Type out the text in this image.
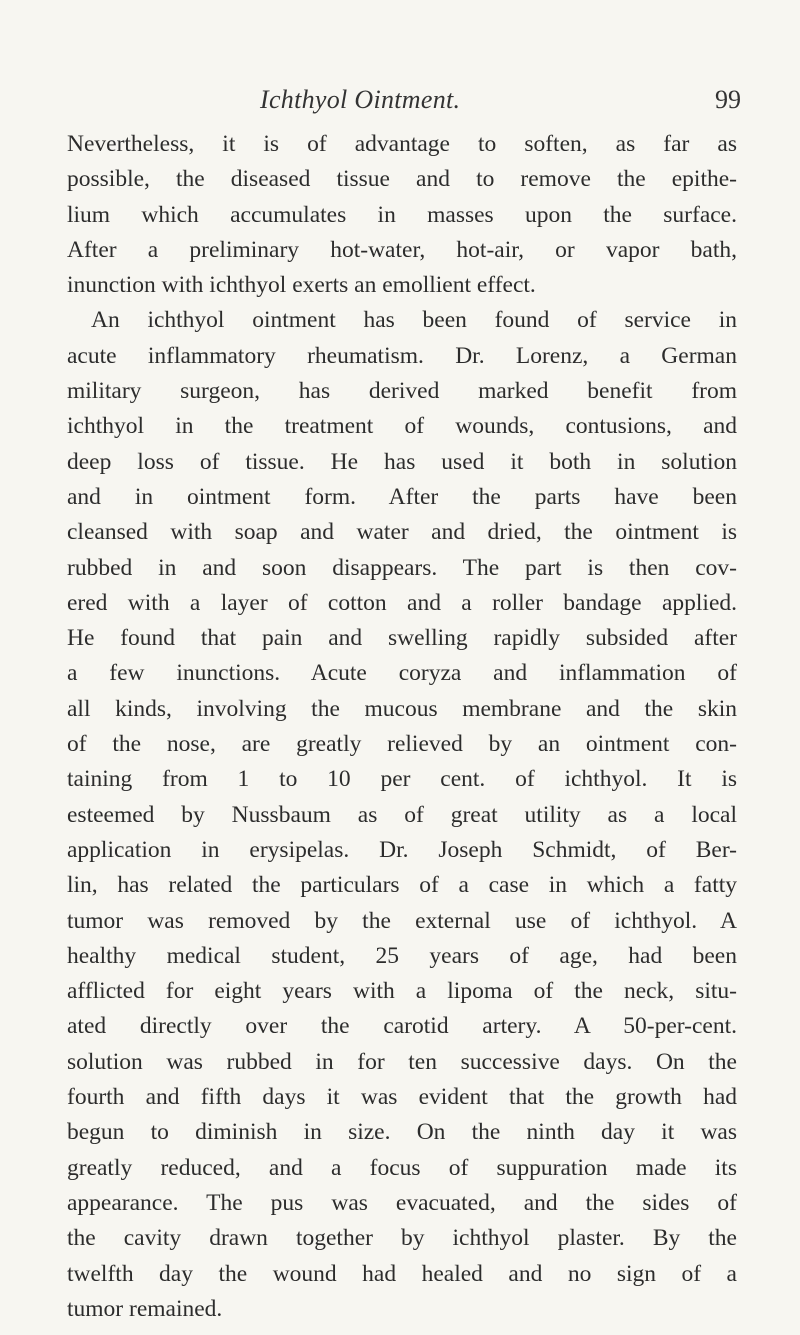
Ichthyol Ointment.	99
Nevertheless, it is of advantage to soften, as far as
possible, the diseased tissue and to remove the epithe-
lium which accumulates in masses upon the surface.
After a preliminary hot-water, hot-air, or vapor bath,
inunction with ichthyol exerts an emollient effect.
An ichthyol ointment has been found of service in
acute inflammatory rheumatism. Dr. Lorenz, a German
military surgeon, has derived marked benefit from
ichthyol in the treatment of wounds, contusions, and
deep loss of tissue. He has used it both in solution
and in ointment form. After the parts have been
cleansed with soap and water and dried, the ointment is
rubbed in and soon disappears. The part is then cov-
ered with a layer of cotton and a roller bandage applied.
He found that pain and swelling rapidly subsided after
a few inunctions. Acute coryza and inflammation of
all kinds, involving the mucous membrane and the skin
of the nose, are greatly relieved by an ointment con-
taining from 1 to 10 per cent. of ichthyol. It is
esteemed by Nussbaum as of great utility as a local
application in erysipelas. Dr. Joseph Schmidt, of Ber-
lin, has related the particulars of a case in which a fatty
tumor was removed by the external use of ichthyol. A
healthy medical student, 25 years of age, had been
afflicted for eight years with a lipoma of the neck, situ-
ated directly over the carotid artery. A 50-per-cent.
solution was rubbed in for ten successive days. On the
fourth and fifth days it was evident that the growth had
begun to diminish in size. On the ninth day it was
greatly reduced, and a focus of suppuration made its
appearance. The pus was evacuated, and the sides of
the cavity drawn together by ichthyol plaster. By the
twelfth day the wound had healed and no sign of a
tumor remained.
